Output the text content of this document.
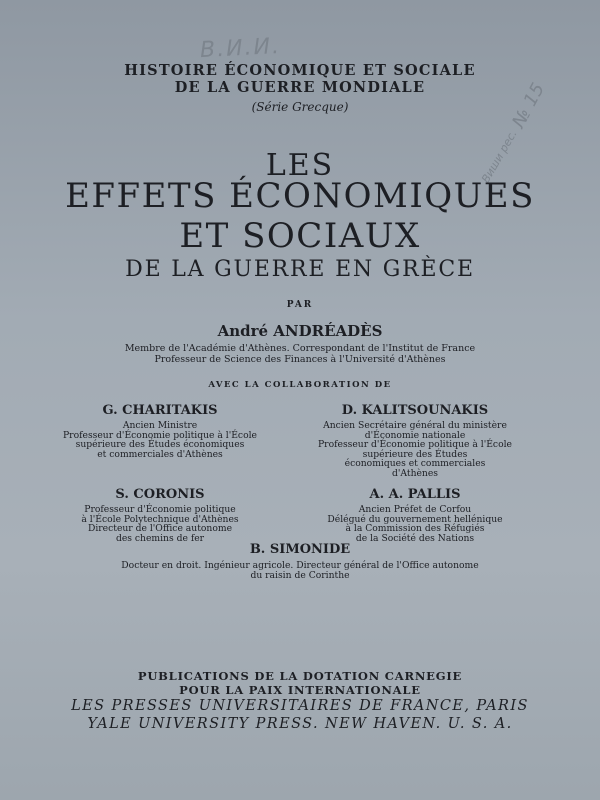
В.И.И.
№ 15
Виши рес.
HISTOIRE ÉCONOMIQUE ET SOCIALE
DE LA GUERRE MONDIALE
(Série Grecque)
LES
EFFETS ÉCONOMIQUES
ET SOCIAUX
DE LA GUERRE EN GRÈCE
PAR
André ANDRÉADÈS
Membre de l'Académie d'Athènes. Correspondant de l'Institut de France
Professeur de Science des Finances à l'Université d'Athènes
AVEC LA COLLABORATION DE
G. CHARITAKIS
Ancien Ministre
Professeur d'Économie politique à l'École
supérieure des Études économiques
et commerciales d'Athènes
D. KALITSOUNAKIS
Ancien Secrétaire général du ministère
d'Économie nationale
Professeur d'Économie politique à l'École
supérieure des Études
économiques et commerciales
d'Athènes
S. CORONIS
Professeur d'Économie politique
à l'École Polytechnique d'Athènes
Directeur de l'Office autonome
des chemins de fer
A. A. PALLIS
Ancien Préfet de Corfou
Délégué du gouvernement hellénique
à la Commission des Réfugiés
de la Société des Nations
B. SIMONIDE
Docteur en droit. Ingénieur agricole. Directeur général de l'Office autonome
du raisin de Corinthe
PUBLICATIONS DE LA DOTATION CARNEGIE
POUR LA PAIX INTERNATIONALE
LES PRESSES UNIVERSITAIRES DE FRANCE, PARIS
YALE UNIVERSITY PRESS. NEW HAVEN. U. S. A.
